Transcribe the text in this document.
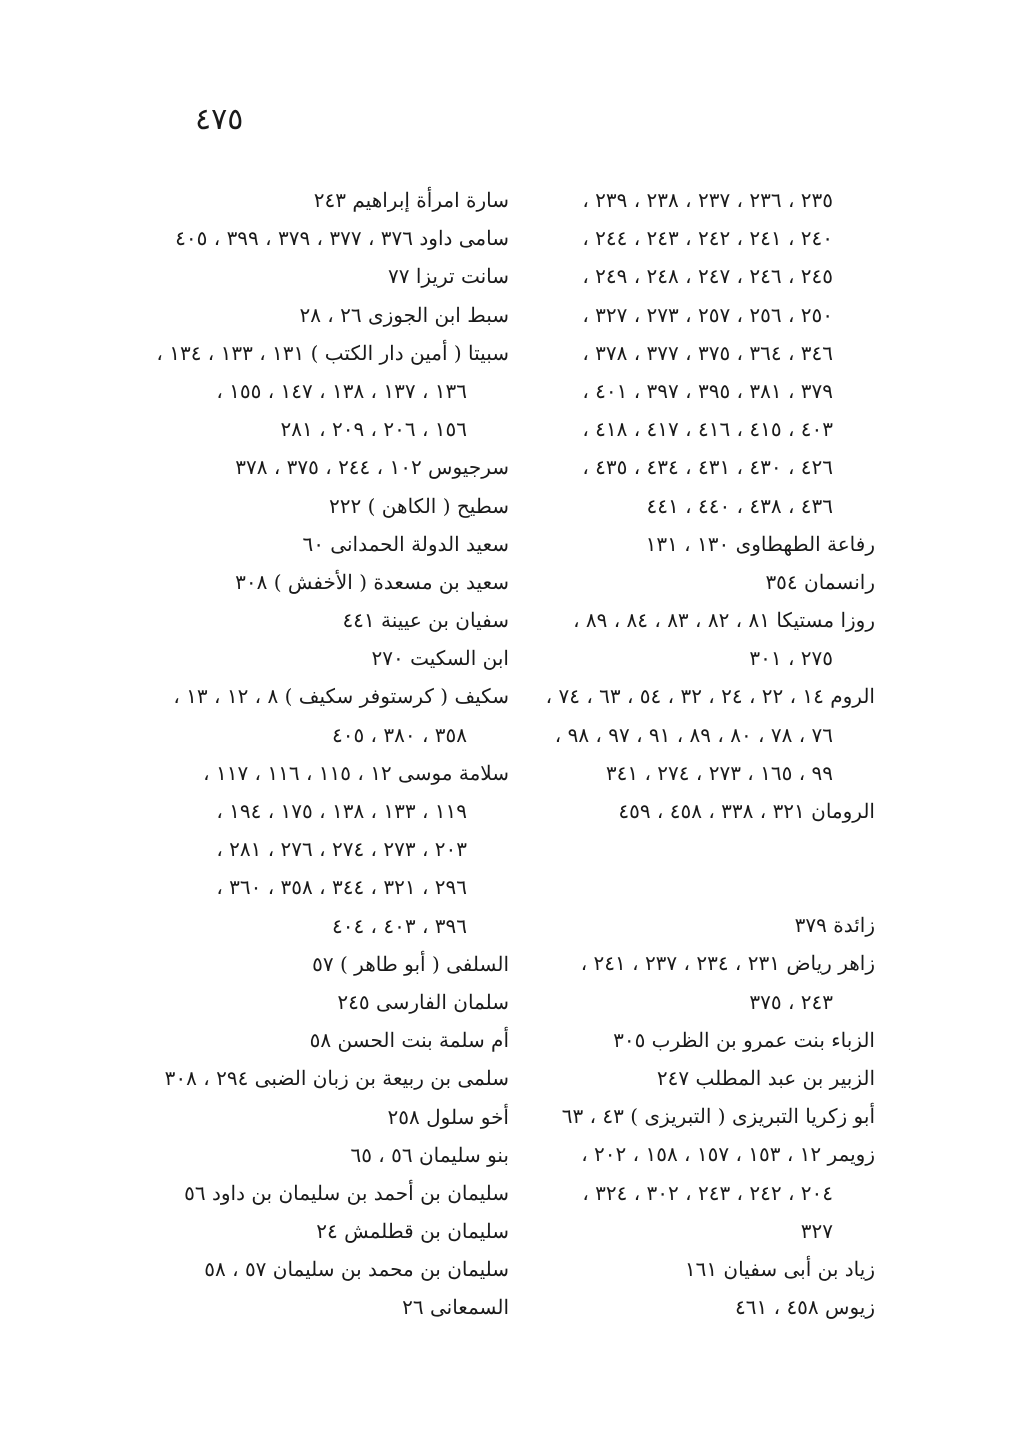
٤٧٥
٢٣٥ ، ٢٣٦ ، ٢٣٧ ، ٢٣٨ ، ٢٣٩ ،
٢٤٠ ، ٢٤١ ، ٢٤٢ ، ٢٤٣ ، ٢٤٤ ،
٢٤٥ ، ٢٤٦ ، ٢٤٧ ، ٢٤٨ ، ٢٤٩ ،
٢٥٠ ، ٢٥٦ ، ٢٥٧ ، ٢٧٣ ، ٣٢٧ ،
٣٤٦ ، ٣٦٤ ، ٣٧٥ ، ٣٧٧ ، ٣٧٨ ،
٣٧٩ ، ٣٨١ ، ٣٩٥ ، ٣٩٧ ، ٤٠١ ،
٤٠٣ ، ٤١٥ ، ٤١٦ ، ٤١٧ ، ٤١٨ ،
٤٢٦ ، ٤٣٠ ، ٤٣١ ، ٤٣٤ ، ٤٣٥ ،
٤٣٦ ، ٤٣٨ ، ٤٤٠ ، ٤٤١
رفاعة الطهطاوى ١٣٠ ، ١٣١
رانسمان ٣٥٤
روزا مستيكا ٨١ ، ٨٢ ، ٨٣ ، ٨٤ ، ٨٩ ،
٢٧٥ ، ٣٠١
الروم ١٤ ، ٢٢ ، ٢٤ ، ٣٢ ، ٥٤ ، ٦٣ ، ٧٤ ،
٧٦ ، ٧٨ ، ٨٠ ، ٨٩ ، ٩١ ، ٩٧ ، ٩٨ ،
٩٩ ، ١٦٥ ، ٢٧٣ ، ٢٧٤ ، ٣٤١
الرومان ٣٢١ ، ٣٣٨ ، ٤٥٨ ، ٤٥٩
زائدة ٣٧٩
زاهر رياض ٢٣١ ، ٢٣٤ ، ٢٣٧ ، ٢٤١ ،
٢٤٣ ، ٣٧٥
الزباء بنت عمرو بن الظرب ٣٠٥
الزبير بن عبد المطلب ٢٤٧
أبو زكريا التبريزى ( التبريزى ) ٤٣ ، ٦٣
زويمر ١٢ ، ١٥٣ ، ١٥٧ ، ١٥٨ ، ٢٠٢ ،
٢٠٤ ، ٢٤٢ ، ٢٤٣ ، ٣٠٢ ، ٣٢٤ ،
٣٢٧
زياد بن أبى سفيان ١٦١
زيوس ٤٥٨ ، ٤٦١
سارة امرأة إبراهيم ٢٤٣
سامى داود ٣٧٦ ، ٣٧٧ ، ٣٧٩ ، ٣٩٩ ، ٤٠٥
سانت تريزا ٧٧
سبط ابن الجوزى ٢٦ ، ٢٨
سبيتا ( أمين دار الكتب ) ١٣١ ، ١٣٣ ، ١٣٤ ،
١٣٦ ، ١٣٧ ، ١٣٨ ، ١٤٧ ، ١٥٥ ،
١٥٦ ، ٢٠٦ ، ٢٠٩ ، ٢٨١
سرجيوس ١٠٢ ، ٢٤٤ ، ٣٧٥ ، ٣٧٨
سطيح ( الكاهن ) ٢٢٢
سعيد الدولة الحمدانى ٦٠
سعيد بن مسعدة ( الأخفش ) ٣٠٨
سفيان بن عيينة ٤٤١
ابن السكيت ٢٧٠
سكيف ( كرستوفر سكيف ) ٨ ، ١٢ ، ١٣ ،
٣٥٨ ، ٣٨٠ ، ٤٠٥
سلامة موسى ١٢ ، ١١٥ ، ١١٦ ، ١١٧ ،
١١٩ ، ١٣٣ ، ١٣٨ ، ١٧٥ ، ١٩٤ ،
٢٠٣ ، ٢٧٣ ، ٢٧٤ ، ٢٧٦ ، ٢٨١ ،
٢٩٦ ، ٣٢١ ، ٣٤٤ ، ٣٥٨ ، ٣٦٠ ،
٣٩٦ ، ٤٠٣ ، ٤٠٤
السلفى ( أبو طاهر ) ٥٧
سلمان الفارسى ٢٤٥
أم سلمة بنت الحسن ٥٨
سلمى بن ربيعة بن زبان الضبى ٢٩٤ ، ٣٠٨
أخو سلول ٢٥٨
بنو سليمان ٥٦ ، ٦٥
سليمان بن أحمد بن سليمان بن داود ٥٦
سليمان بن قطلمش ٢٤
سليمان بن محمد بن سليمان ٥٧ ، ٥٨
السمعانى ٢٦
